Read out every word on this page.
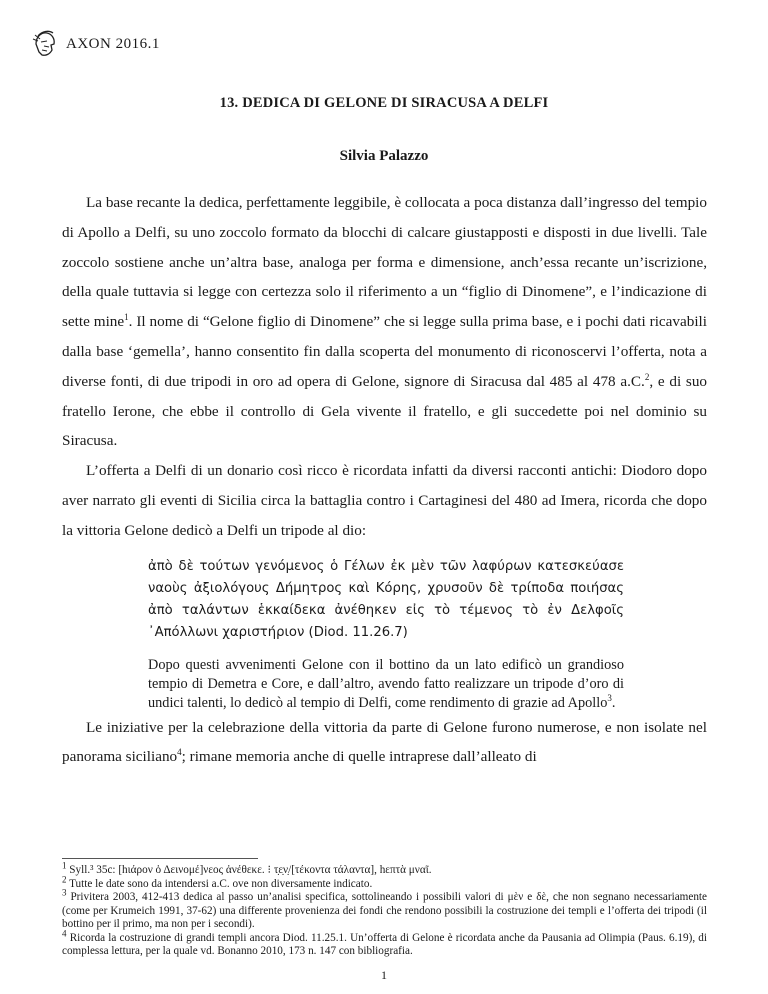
AXON 2016.1
13. DEDICA DI GELONE DI SIRACUSA A DELFI
Silvia Palazzo

La base recante la dedica, perfettamente leggibile, è collocata a poca distanza dall’ingresso del tempio di Apollo a Delfi, su uno zoccolo formato da blocchi di calcare giustapposti e disposti in due livelli. Tale zoccolo sostiene anche un’altra base, analoga per forma e dimensione, anch’essa recante un’iscrizione, della quale tuttavia si legge con certezza solo il riferimento a un “figlio di Dinomene”, e l’indicazione di sette mine$^1$. Il nome di “Gelone figlio di Dinomene” che si legge sulla prima base, e i pochi dati ricavabili dalla base ‘gemella’, hanno consentito fin dalla scoperta del monumento di riconoscervi l’offerta, nota a diverse fonti, di due tripodi in oro ad opera di Gelone, signore di Siracusa dal 485 al 478 a.C.$^2$, e di suo fratello Ierone, che ebbe il controllo di Gela vivente il fratello, e gli succedette poi nel dominio su Siracusa.

L’offerta a Delfi di un donario così ricco è ricordata infatti da diversi racconti antichi: Diodoro dopo aver narrato gli eventi di Sicilia circa la battaglia contro i Cartaginesi del 480 ad Imera, ricorda che dopo la vittoria Gelone dedicò a Delfi un tripode al dio:

ἀπὸ δὲ τούτων γενόμενος ὁ Γέλων ἐκ μὲν τῶν λαφύρων κατεσκεύασε ναοὺς ἀξιολόγους Δήμητρος καὶ Κόρης, χρυσοῦν δὲ τρίποδα ποιήσας ἀπὸ ταλάντων ἑκκαίδεκα ἀνέθηκεν εἰς τὸ τέμενος τὸ ἐν Δελφοῖς ᾿Απόλλωνι χαριστήριον (Diod. 11.26.7)
Dopo questi avvenimenti Gelone con il bottino da un lato edificò un grandioso tempio di Demetra e Core, e dall’altro, avendo fatto realizzare un tripode d’oro di undici talenti, lo dedicò al tempio di Delfi, come rendimento di grazie ad Apollo$^3$.

Le iniziative per la celebrazione della vittoria da parte di Gelone furono numerose, e non isolate nel panorama siciliano$^4$; rimane memoria anche di quelle intraprese dall’alleato di

$^1$ Syll.³ 35c: [hιάρον ὁ Δεινομέ]νεος ἀνέθεκε. ⁝ τ̣ε̣ν̣/[τέκοντα τάλαντα], hεπτὰ μναῖ.

$^2$ Tutte le date sono da intendersi a.C. ove non diversamente indicato.

$^3$ Privitera 2003, 412-413 dedica al passo un’analisi specifica, sottolineando i possibili valori di μὲν e δὲ, che non segnano necessariamente (come per Krumeich 1991, 37-62) una differente provenienza dei fondi che rendono possibili la costruzione dei templi e l’offerta dei tripodi (il bottino per il primo, ma non per i secondi).

$^4$ Ricorda la costruzione di grandi templi ancora Diod. 11.25.1. Un’offerta di Gelone è ricordata anche da Pausania ad Olimpia (Paus. 6.19), di complessa lettura, per la quale vd. Bonanno 2010, 173 n. 147 con bibliografia.

1
